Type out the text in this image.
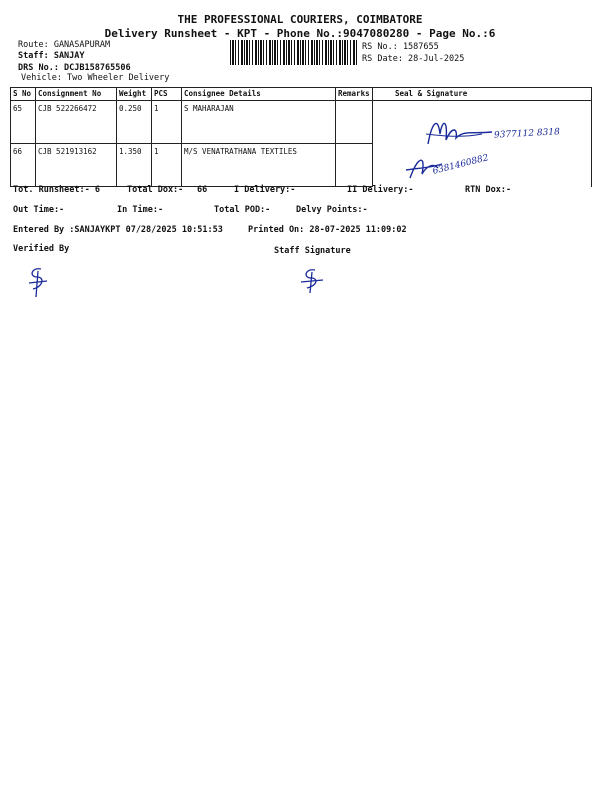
THE PROFESSIONAL COURIERS, COIMBATORE
Delivery Runsheet - KPT - Phone No.:9047080280 - Page No.:6
Route: GANASAPURAM
Staff: SANJAY
DRS No.: DCJB158765506
Vehicle: Two Wheeler Delivery
RS No.: 1587655
RS Date: 28-Jul-2025
S No	Consignment No	Weight	PCS	Consignee Details	Remarks	Seal & Signature
65	CJB 522266472	0.250	1	S MAHARAJAN		
66	CJB 521913162	1.350	1	M/S VENATRATHANA TEXTILES		
9377112 8318
6381460882
Tot. Runsheet:- 6	Total Dox:- 66	I Delivery:-	II Delivery:-	RTN Dox:-
Out Time:-	In Time:-	Total POD:-	Delvy Points:-
Entered By :SANJAYKPT 07/28/2025 10:51:53	Printed On: 28-07-2025 11:09:02
Verified By	Staff Signature
